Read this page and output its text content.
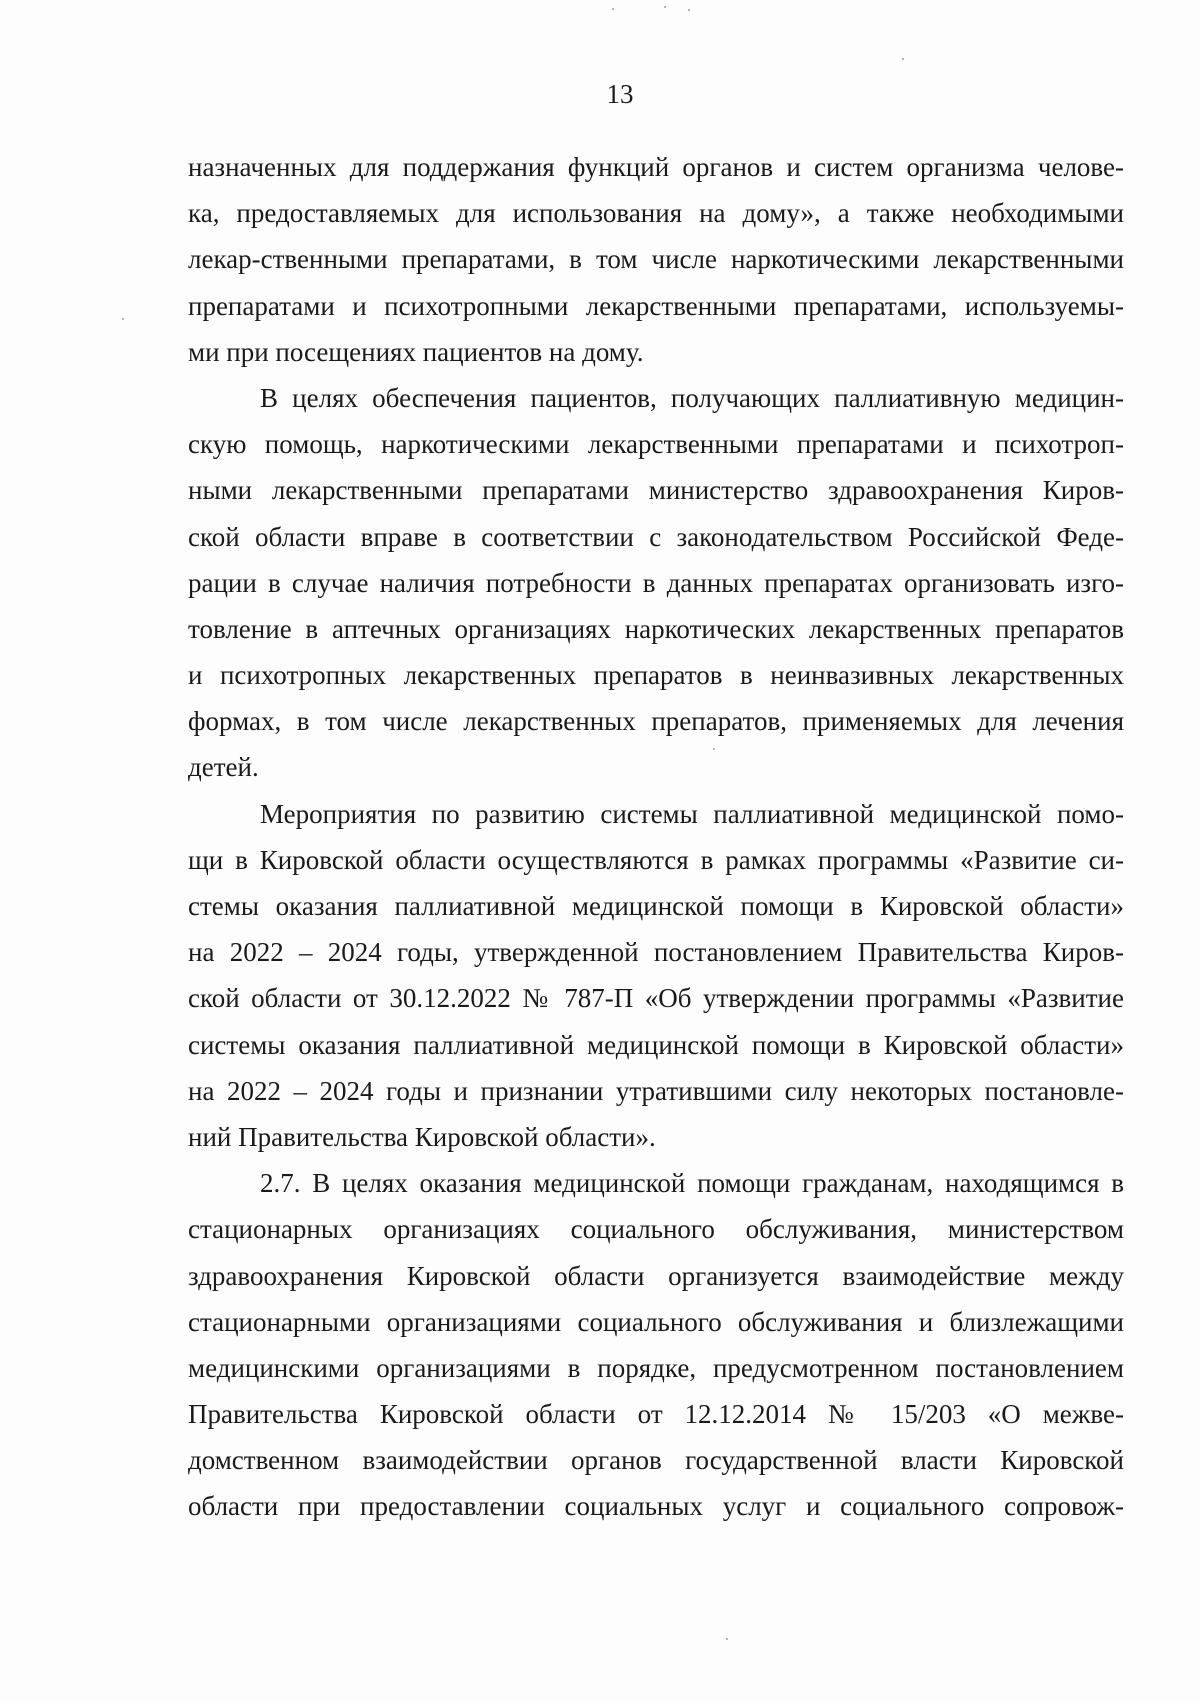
13
назначенных для поддержания функций органов и систем организма челове-
ка, предоставляемых для использования на дому», а также необходимыми
лекар-ственными препаратами, в том числе наркотическими лекарственными
препаратами и психотропными лекарственными препаратами, используемы-
ми при посещениях пациентов на дому.
В целях обеспечения пациентов, получающих паллиативную медицин-
скую помощь, наркотическими лекарственными препаратами и психотроп-
ными лекарственными препаратами министерство здравоохранения Киров-
ской области вправе в соответствии с законодательством Российской Феде-
рации в случае наличия потребности в данных препаратах организовать изго-
товление в аптечных организациях наркотических лекарственных препаратов
и психотропных лекарственных препаратов в неинвазивных лекарственных
формах, в том числе лекарственных препаратов, применяемых для лечения
детей.
Мероприятия по развитию системы паллиативной медицинской помо-
щи в Кировской области осуществляются в рамках программы «Развитие си-
стемы оказания паллиативной медицинской помощи в Кировской области»
на 2022 – 2024 годы, утвержденной постановлением Правительства Киров-
ской области от 30.12.2022 № 787-П «Об утверждении программы «Развитие
системы оказания паллиативной медицинской помощи в Кировской области»
на 2022 – 2024 годы и признании утратившими силу некоторых постановле-
ний Правительства Кировской области».
2.7. В целях оказания медицинской помощи гражданам, находящимся в
стационарных организациях социального обслуживания, министерством
здравоохранения Кировской области организуется взаимодействие между
стационарными организациями социального обслуживания и близлежащими
медицинскими организациями в порядке, предусмотренном постановлением
Правительства Кировской области от 12.12.2014 № 15/203 «О межве-
домственном взаимодействии органов государственной власти Кировской
области при предоставлении социальных услуг и социального сопровож-
